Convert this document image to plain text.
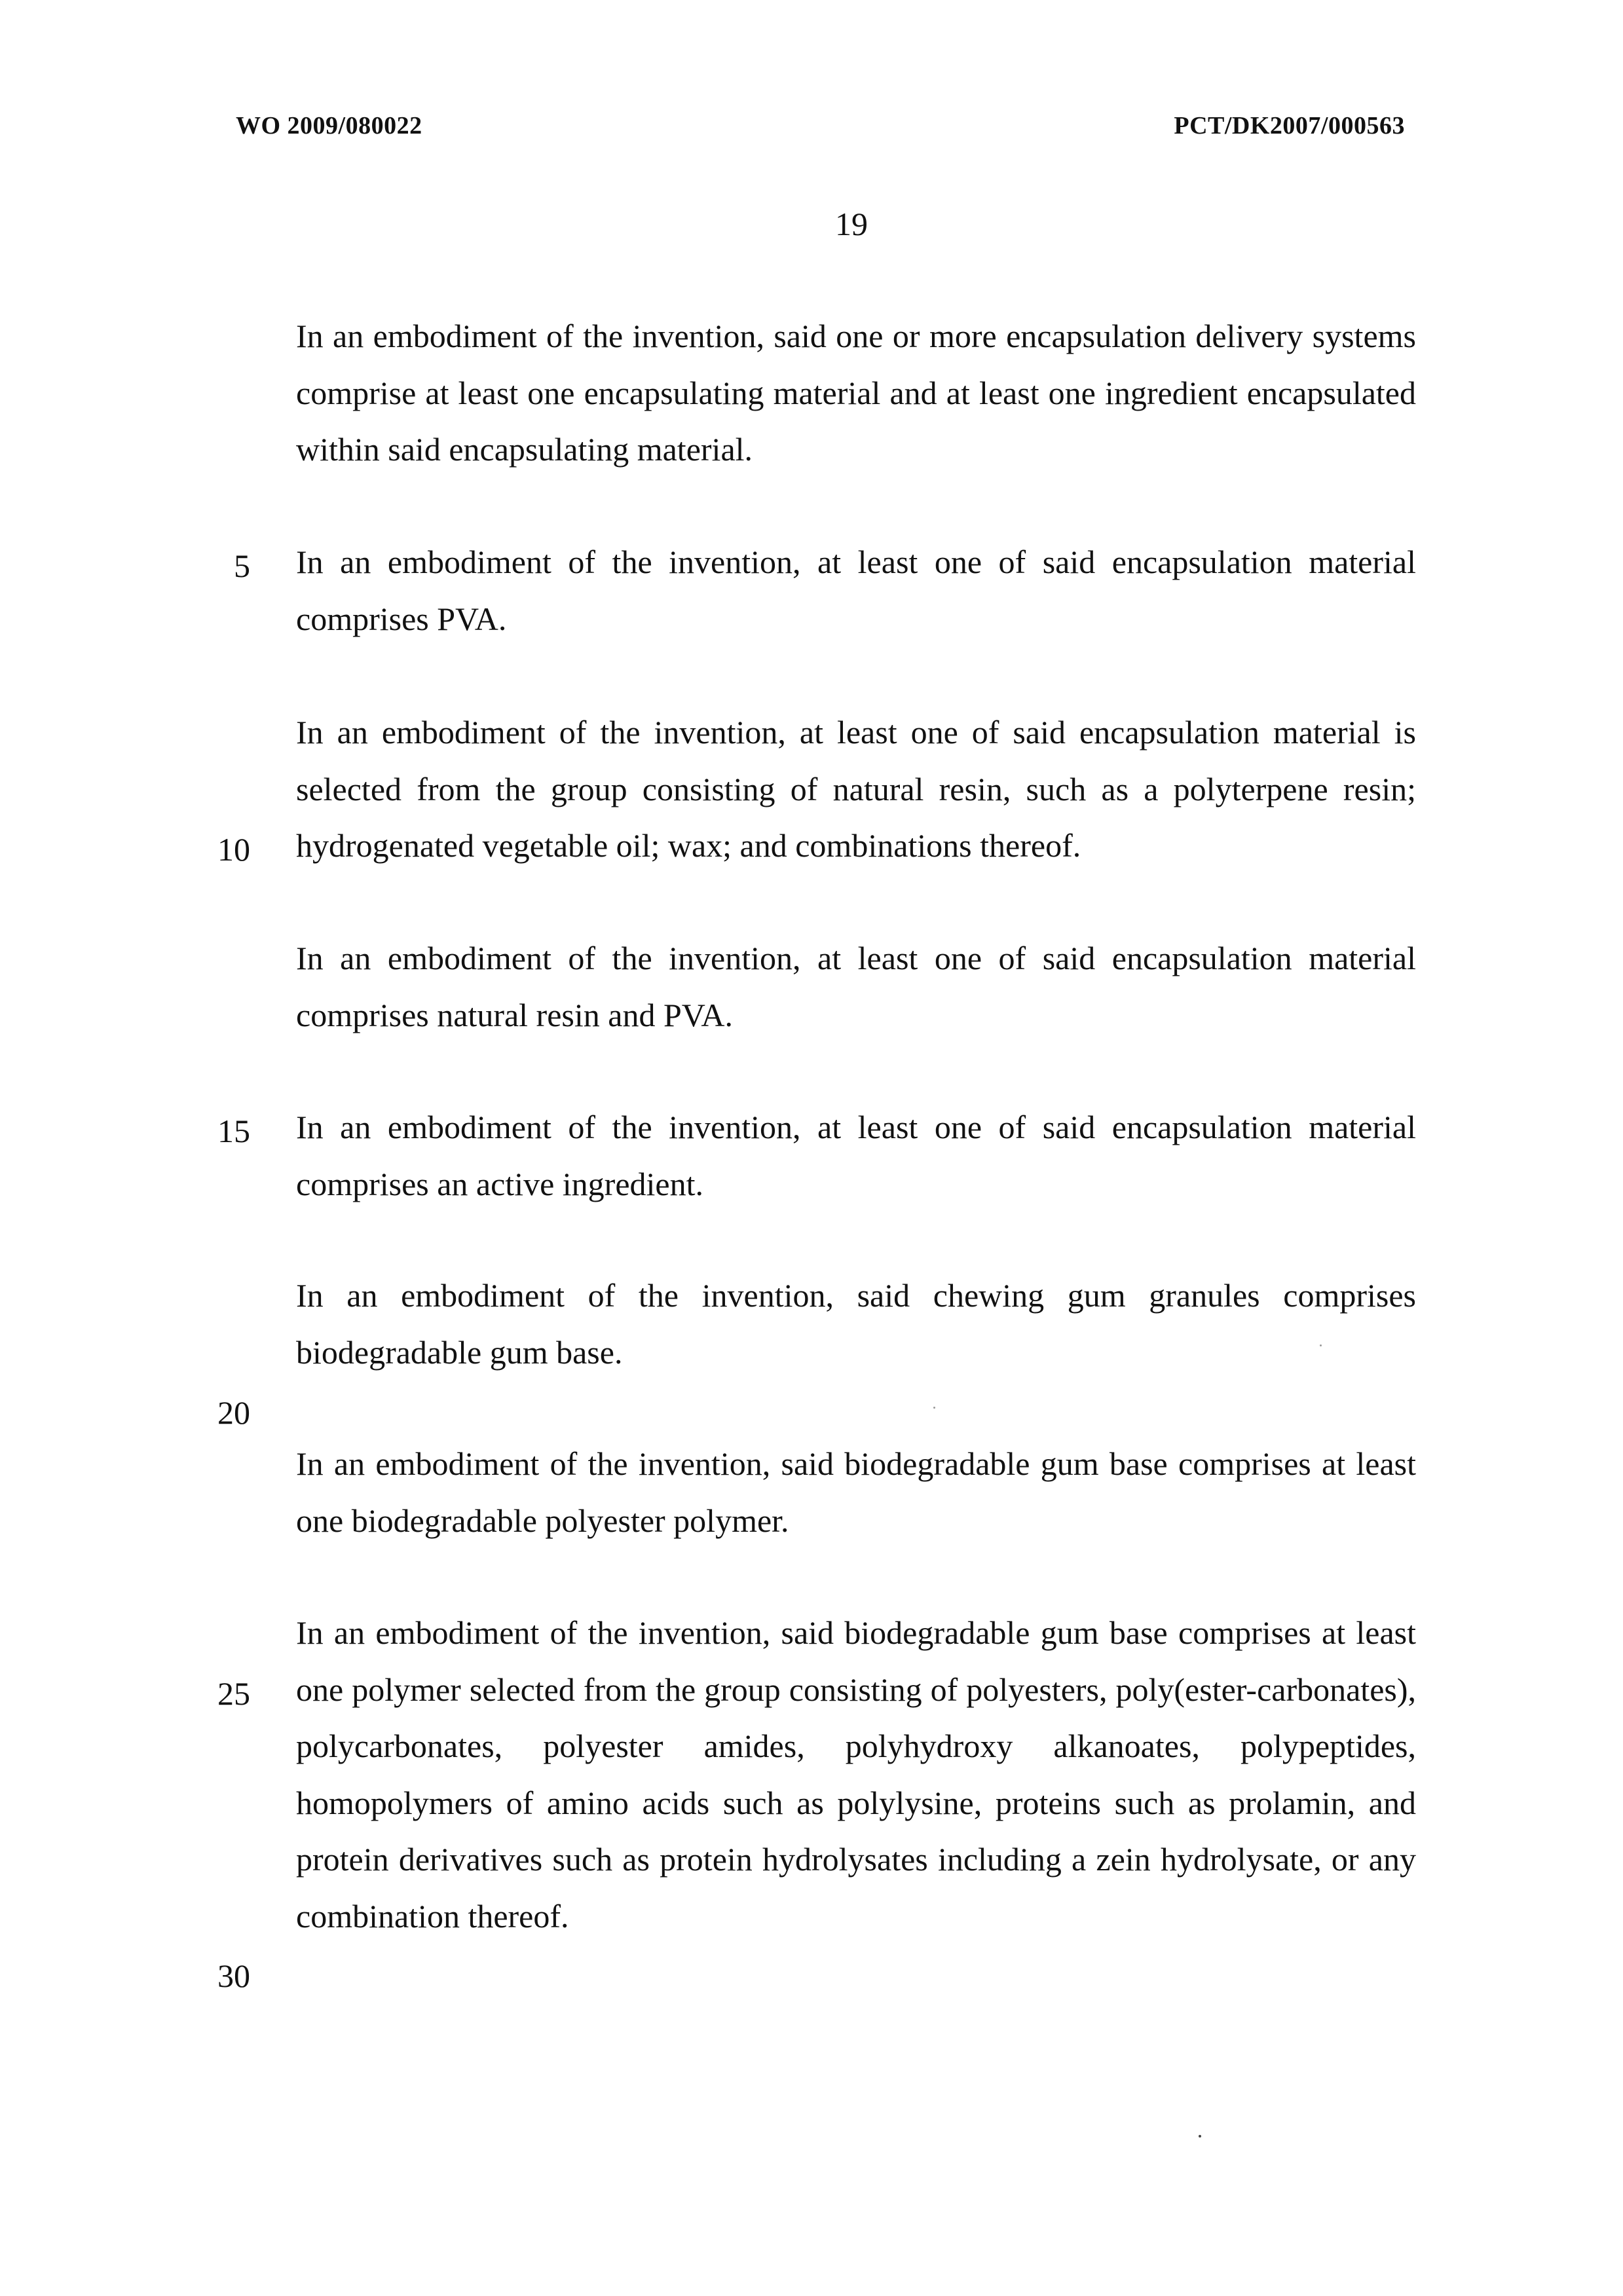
WO 2009/080022	PCT/DK2007/000563
19
In an embodiment of the invention, said one or more encapsulation delivery systems
comprise at least one encapsulating material and at least one ingredient encapsulated
within said encapsulating material.
In an embodiment of the invention, at least one of said encapsulation material
comprises PVA.
In an embodiment of the invention, at least one of said encapsulation material is
selected from the group consisting of natural resin, such as a polyterpene resin;
hydrogenated vegetable oil; wax; and combinations thereof.
In an embodiment of the invention, at least one of said encapsulation material
comprises natural resin and PVA.
In an embodiment of the invention, at least one of said encapsulation material
comprises an active ingredient.
In an embodiment of the invention, said chewing gum granules comprises
biodegradable gum base.
In an embodiment of the invention, said biodegradable gum base comprises at least
one biodegradable polyester polymer.
In an embodiment of the invention, said biodegradable gum base comprises at least
one polymer selected from the group consisting of polyesters, poly(ester-carbonates),
polycarbonates, polyester amides, polyhydroxy alkanoates, polypeptides,
homopolymers of amino acids such as polylysine, proteins such as prolamin, and
protein derivatives such as protein hydrolysates including a zein hydrolysate, or any
combination thereof.
5
10
15
20
25
30
